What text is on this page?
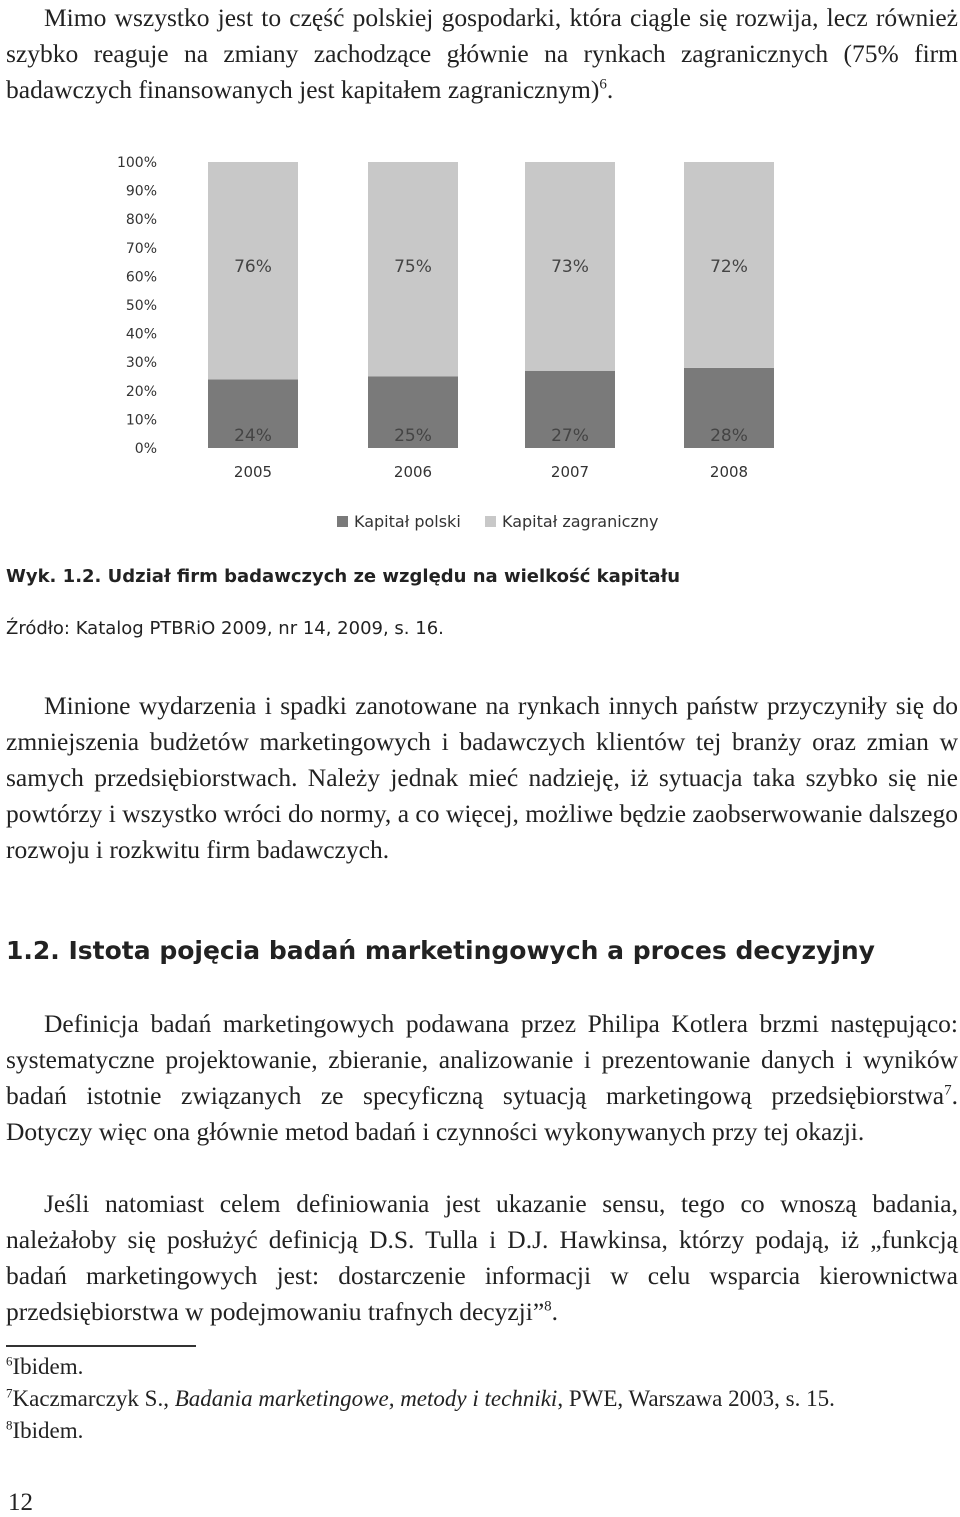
Mimo wszystko jest to część polskiej gospodarki, która ciągle się rozwija, lecz również szybko reaguje na zmiany zachodzące głównie na rynkach zagranicznych (75% firm badawczych finansowanych jest kapitałem zagranicznym)$^6$.

0%
10%
20%
30%
40%
50%
60%
70%
80%
90%
100%
24%
76%
25%
75%
27%
73%
28%
72%
2005	2006	2007	2008
Kapitał polski	Kapitał zagraniczny
Wyk. 1.2. Udział firm badawczych ze względu na wielkość kapitału
Źródło: Katalog PTBRiO 2009, nr 14, 2009, s. 16.

Minione wydarzenia i spadki zanotowane na rynkach innych państw przyczyniły się do zmniejszenia budżetów marketingowych i badawczych klientów tej branży oraz zmian w samych przedsiębiorstwach. Należy jednak mieć nadzieję, iż sytuacja taka szybko się nie powtórzy i wszystko wróci do normy, a co więcej, możliwe będzie zaobserwowanie dalszego rozwoju i rozkwitu firm badawczych.

1.2. Istota pojęcia badań marketingowych a proces decyzyjny

Definicja badań marketingowych podawana przez Philipa Kotlera brzmi następująco: systematyczne projektowanie, zbieranie, analizowanie i prezentowanie danych i wyników badań istotnie związanych ze specyficzną sytuacją marketingową przedsiębiorstwa$^7$. Dotyczy więc ona głównie metod badań i czynności wykonywanych przy tej okazji.

Jeśli natomiast celem definiowania jest ukazanie sensu, tego co wnoszą badania, należałoby się posłużyć definicją D.S. Tulla i D.J. Hawkinsa, którzy podają, iż „funkcją badań marketingowych jest: dostarczenie informacji w celu wsparcia kierownictwa przedsiębiorstwa w podejmowaniu trafnych decyzji”$^8$.

$^6$Ibidem.
$^7$Kaczmarczyk S., Badania marketingowe, metody i techniki, PWE, Warszawa 2003, s. 15.
$^8$Ibidem.
12
